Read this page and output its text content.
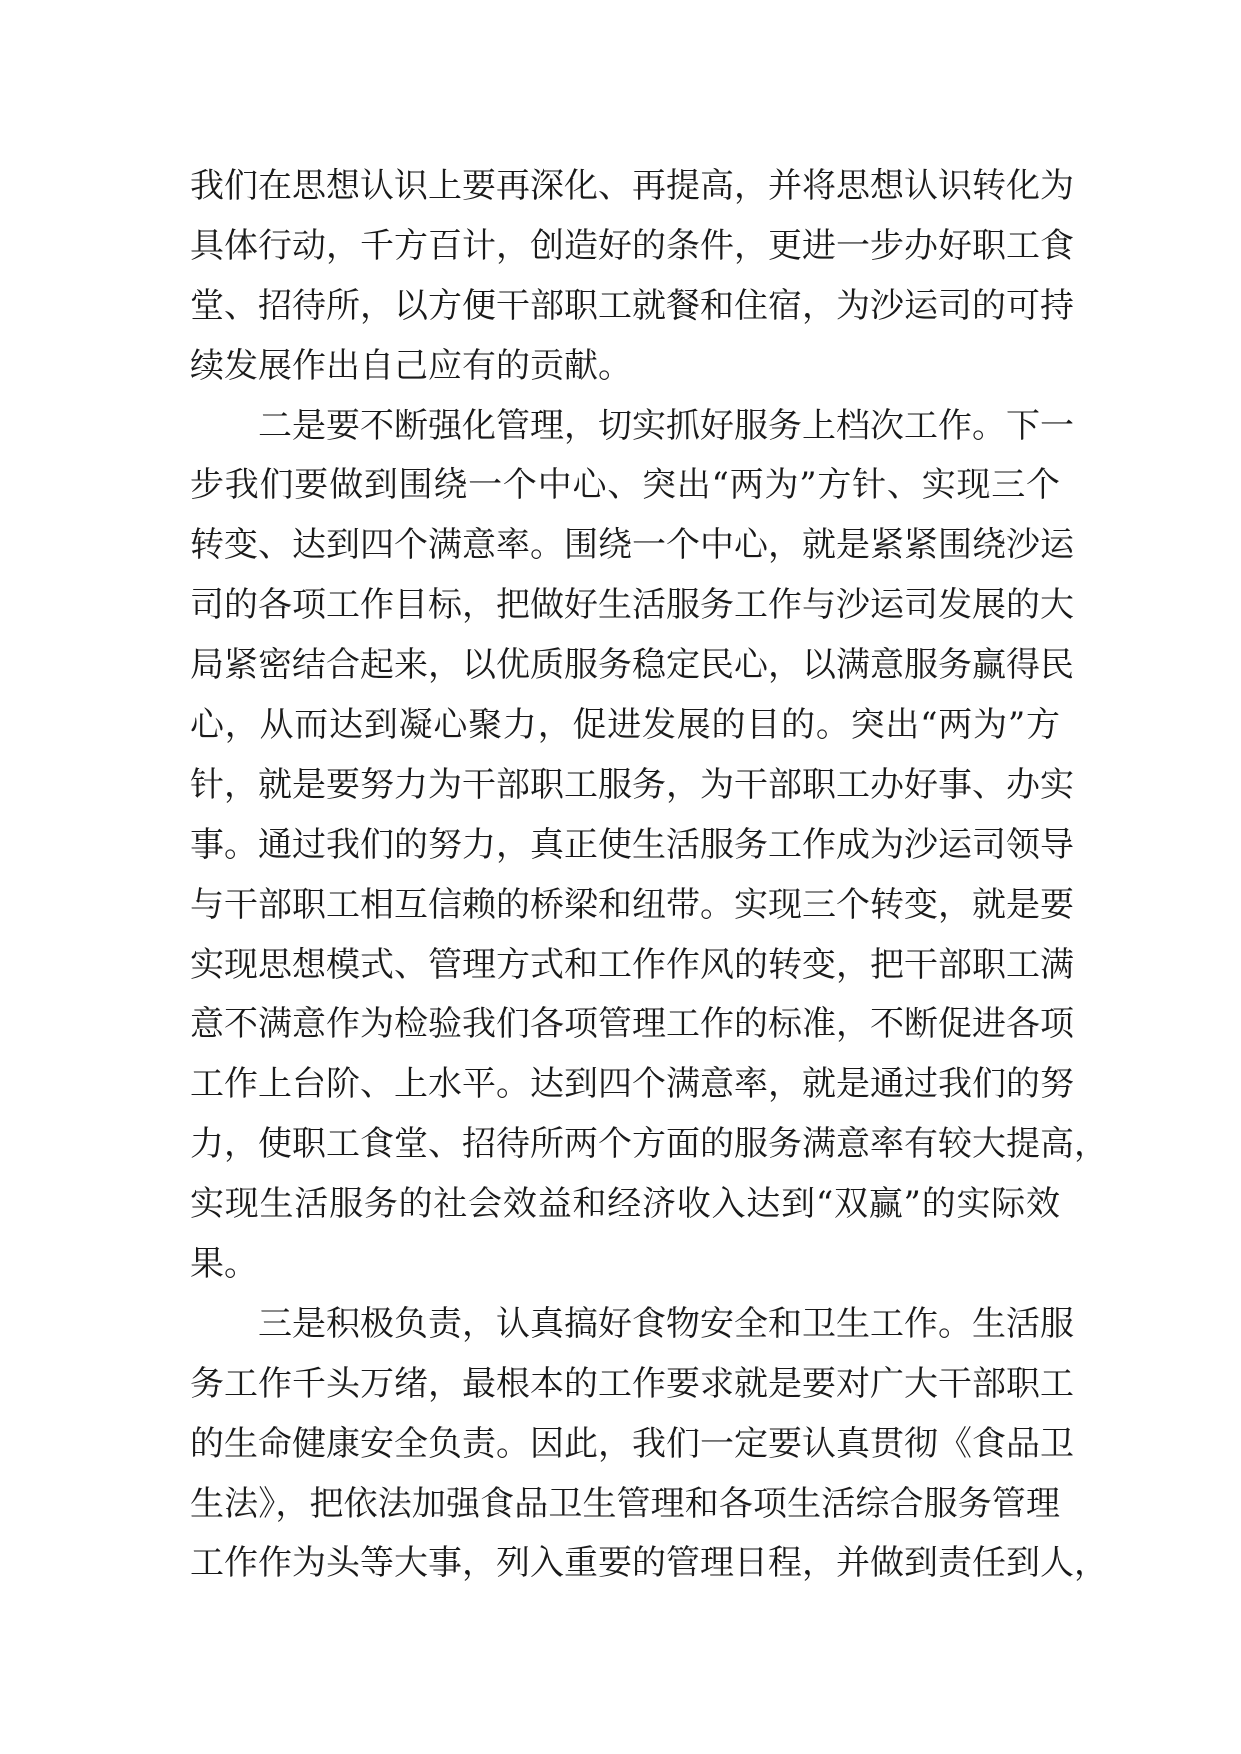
我们在思想认识上要再深化、再提高，并将思想认识转化为
具体行动，千方百计，创造好的条件，更进一步办好职工食
堂、招待所，以方便干部职工就餐和住宿，为沙运司的可持
续发展作出自己应有的贡献。
二是要不断强化管理，切实抓好服务上档次工作。下一
步我们要做到围绕一个中心、突出“两为”方针、实现三个
转变、达到四个满意率。围绕一个中心，就是紧紧围绕沙运
司的各项工作目标，把做好生活服务工作与沙运司发展的大
局紧密结合起来，以优质服务稳定民心，以满意服务赢得民
心，从而达到凝心聚力，促进发展的目的。突出“两为”方
针，就是要努力为干部职工服务，为干部职工办好事、办实
事。通过我们的努力，真正使生活服务工作成为沙运司领导
与干部职工相互信赖的桥梁和纽带。实现三个转变，就是要
实现思想模式、管理方式和工作作风的转变，把干部职工满
意不满意作为检验我们各项管理工作的标准，不断促进各项
工作上台阶、上水平。达到四个满意率，就是通过我们的努
力，使职工食堂、招待所两个方面的服务满意率有较大提高，
实现生活服务的社会效益和经济收入达到“双赢”的实际效
果。
三是积极负责，认真搞好食物安全和卫生工作。生活服
务工作千头万绪，最根本的工作要求就是要对广大干部职工
的生命健康安全负责。因此，我们一定要认真贯彻《食品卫
生法》，把依法加强食品卫生管理和各项生活综合服务管理
工作作为头等大事，列入重要的管理日程，并做到责任到人，
